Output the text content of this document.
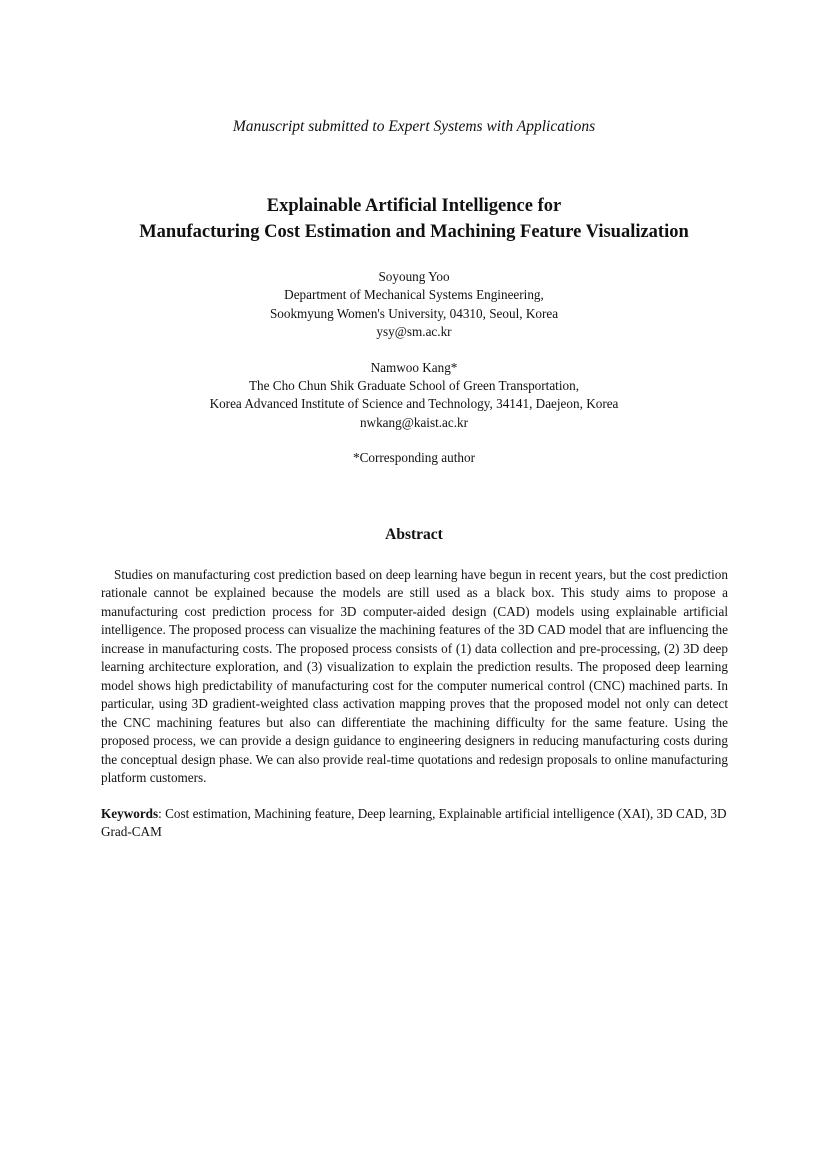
Manuscript submitted to Expert Systems with Applications
Explainable Artificial Intelligence for
Manufacturing Cost Estimation and Machining Feature Visualization
Soyoung Yoo
Department of Mechanical Systems Engineering,
Sookmyung Women's University, 04310, Seoul, Korea
ysy@sm.ac.kr
Namwoo Kang*
The Cho Chun Shik Graduate School of Green Transportation,
Korea Advanced Institute of Science and Technology, 34141, Daejeon, Korea
nwkang@kaist.ac.kr
*Corresponding author
Abstract

Studies on manufacturing cost prediction based on deep learning have begun in recent years, but the cost prediction rationale cannot be explained because the models are still used as a black box. This study aims to propose a manufacturing cost prediction process for 3D computer-aided design (CAD) models using explainable artificial intelligence. The proposed process can visualize the machining features of the 3D CAD model that are influencing the increase in manufacturing costs. The proposed process consists of (1) data collection and pre-processing, (2) 3D deep learning architecture exploration, and (3) visualization to explain the prediction results. The proposed deep learning model shows high predictability of manufacturing cost for the computer numerical control (CNC) machined parts. In particular, using 3D gradient-weighted class activation mapping proves that the proposed model not only can detect the CNC machining features but also can differentiate the machining difficulty for the same feature. Using the proposed process, we can provide a design guidance to engineering designers in reducing manufacturing costs during the conceptual design phase. We can also provide real-time quotations and redesign proposals to online manufacturing platform customers.

Keywords: Cost estimation, Machining feature, Deep learning, Explainable artificial intelligence (XAI), 3D CAD, 3D Grad-CAM
